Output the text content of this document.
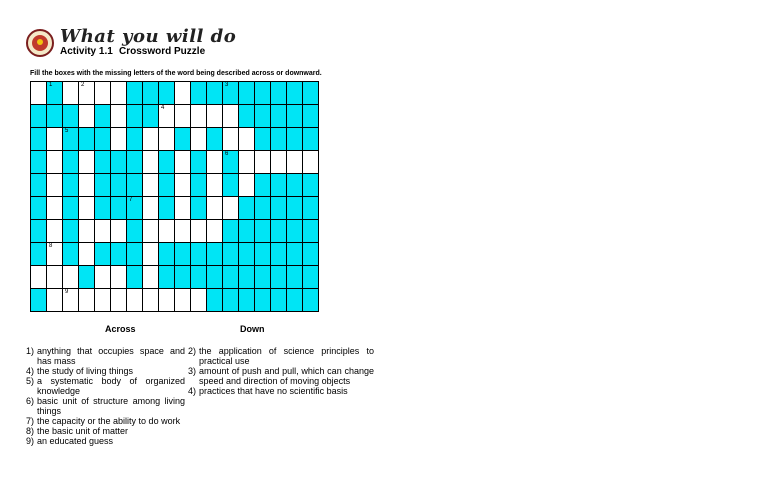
What you will do
Activity 1.1 Crossword Puzzle
Fill the boxes with the missing letters of the word being described across or downward.
1	2	3
4
5
6
7
8
9
Across	Down
1) anything that occupies space and has mass
4) the study of living things
5) a systematic body of organized knowledge
6) basic unit of structure among living things
7) the capacity or the ability to do work
8) the basic unit of matter
9) an educated guess
2) the application of science principles to practical use
3) amount of push and pull, which can change speed and direction of moving objects
4) practices that have no scientific basis
